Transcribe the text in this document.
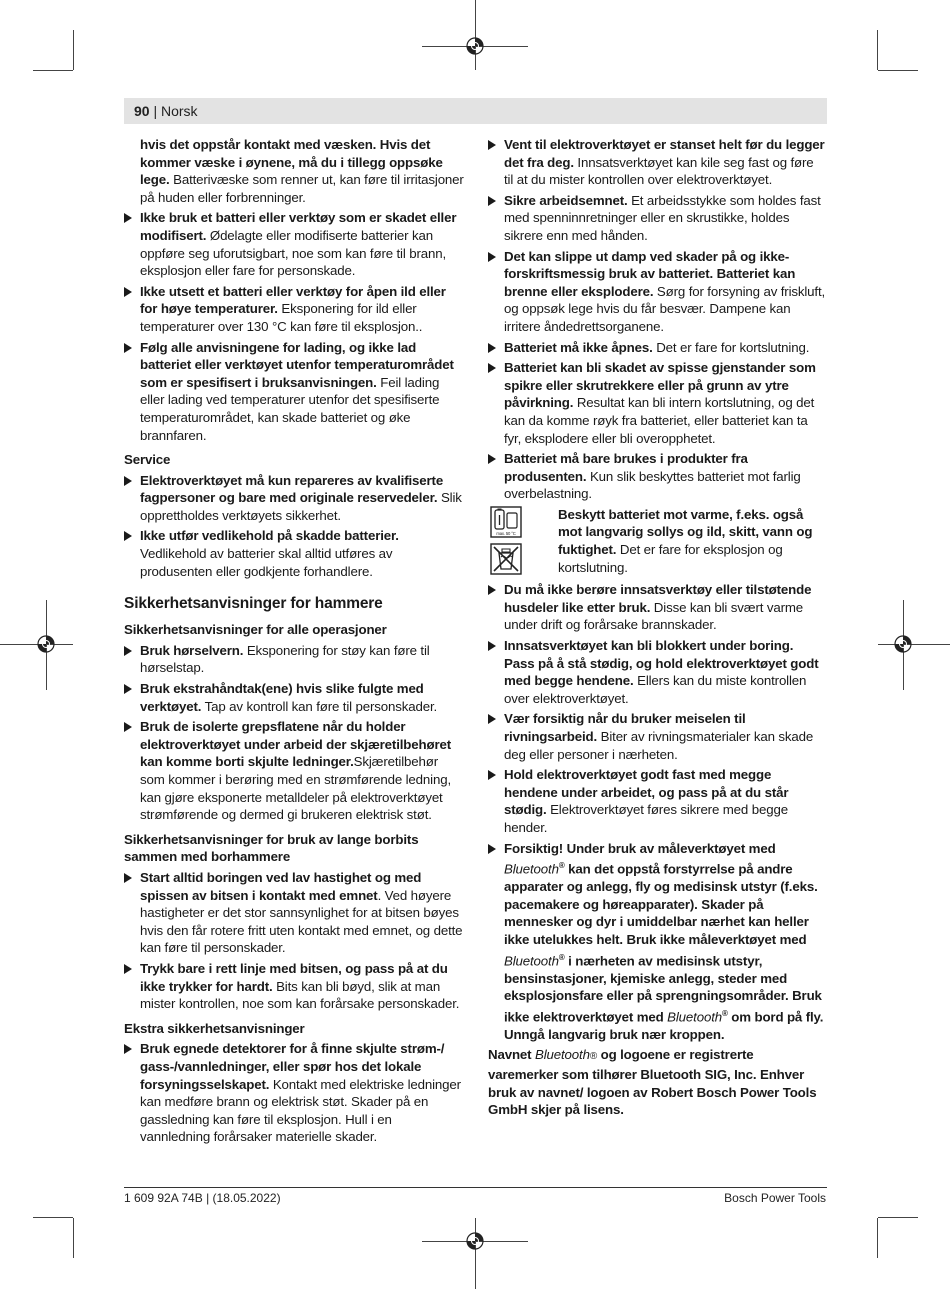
90 | Norsk
hvis det oppstår kontakt med væsken. Hvis det kommer væske i øynene, må du i tillegg oppsøke lege. Batterivæske som renner ut, kan føre til irritasjoner på huden eller forbrenninger.
Ikke bruk et batteri eller verktøy som er skadet eller modifisert. Ødelagte eller modifiserte batterier kan oppføre seg uforutsigbart, noe som kan føre til brann, eksplosjon eller fare for personskade.
Ikke utsett et batteri eller verktøy for åpen ild eller for høye temperaturer. Eksponering for ild eller temperaturer over 130 °C kan føre til eksplosjon..
Følg alle anvisningene for lading, og ikke lad batteriet eller verktøyet utenfor temperaturområdet som er spesifisert i bruksanvisningen. Feil lading eller lading ved temperaturer utenfor det spesifiserte temperaturområdet, kan skade batteriet og øke brannfaren.
Service
Elektroverktøyet må kun repareres av kvalifiserte fagpersoner og bare med originale reservedeler. Slik opprettholdes verktøyets sikkerhet.
Ikke utfør vedlikehold på skadde batterier. Vedlikehold av batterier skal alltid utføres av produsenten eller godkjente forhandlere.
Sikkerhetsanvisninger for hammere
Sikkerhetsanvisninger for alle operasjoner
Bruk hørselvern. Eksponering for støy kan føre til hørselstap.
Bruk ekstrahåndtak(ene) hvis slike fulgte med verktøyet. Tap av kontroll kan føre til personskader.
Bruk de isolerte grepsflatene når du holder elektroverktøyet under arbeid der skjæretilbehøret kan komme borti skjulte ledninger.Skjæretilbehør som kommer i berøring med en strømførende ledning, kan gjøre eksponerte metalldeler på elektroverktøyet strømførende og dermed gi brukeren elektrisk støt.
Sikkerhetsanvisninger for bruk av lange borbits sammen med borhammere
Start alltid boringen ved lav hastighet og med spissen av bitsen i kontakt med emnet. Ved høyere hastigheter er det stor sannsynlighet for at bitsen bøyes hvis den får rotere fritt uten kontakt med emnet, og dette kan føre til personskader.
Trykk bare i rett linje med bitsen, og pass på at du ikke trykker for hardt. Bits kan bli bøyd, slik at man mister kontrollen, noe som kan forårsake personskader.
Ekstra sikkerhetsanvisninger
Bruk egnede detektorer for å finne skjulte strøm-/ gass-/vannledninger, eller spør hos det lokale forsyningsselskapet. Kontakt med elektriske ledninger kan medføre brann og elektrisk støt. Skader på en gassledning kan føre til eksplosjon. Hull i en vannledning forårsaker materielle skader.
Vent til elektroverktøyet er stanset helt før du legger det fra deg. Innsatsverktøyet kan kile seg fast og føre til at du mister kontrollen over elektroverktøyet.
Sikre arbeidsemnet. Et arbeidsstykke som holdes fast med spenninnretninger eller en skrustikke, holdes sikrere enn med hånden.
Det kan slippe ut damp ved skader på og ikke-forskriftsmessig bruk av batteriet. Batteriet kan brenne eller eksplodere. Sørg for forsyning av friskluft, og oppsøk lege hvis du får besvær. Dampene kan irritere åndedrettsorganene.
Batteriet må ikke åpnes. Det er fare for kortslutning.
Batteriet kan bli skadet av spisse gjenstander som spikre eller skrutrekkere eller på grunn av ytre påvirkning. Resultat kan bli intern kortslutning, og det kan da komme røyk fra batteriet, eller batteriet kan ta fyr, eksplodere eller bli overopphetet.
Batteriet må bare brukes i produkter fra produsenten. Kun slik beskyttes batteriet mot farlig overbelastning.
max. 50 °C
Beskytt batteriet mot varme, f.eks. også mot langvarig sollys og ild, skitt, vann og fuktighet. Det er fare for eksplosjon og kortslutning.
Du må ikke berøre innsatsverktøy eller tilstøtende husdeler like etter bruk. Disse kan bli svært varme under drift og forårsake brannskader.
Innsatsverktøyet kan bli blokkert under boring. Pass på å stå stødig, og hold elektroverktøyet godt med begge hendene. Ellers kan du miste kontrollen over elektroverktøyet.
Vær forsiktig når du bruker meiselen til rivningsarbeid. Biter av rivningsmaterialer kan skade deg eller personer i nærheten.
Hold elektroverktøyet godt fast med megge hendene under arbeidet, og pass på at du står stødig. Elektroverktøyet føres sikrere med begge hender.
Forsiktig! Under bruk av måleverktøyet med Bluetooth® kan det oppstå forstyrrelse på andre apparater og anlegg, fly og medisinsk utstyr (f.eks. pacemakere og høreapparater). Skader på mennesker og dyr i umiddelbar nærhet kan heller ikke utelukkes helt. Bruk ikke måleverktøyet med Bluetooth® i nærheten av medisinsk utstyr, bensinstasjoner, kjemiske anlegg, steder med eksplosjonsfare eller på sprengningsområder. Bruk ikke elektroverktøyet med Bluetooth® om bord på fly. Unngå langvarig bruk nær kroppen.
Navnet Bluetooth® og logoene er registrerte varemerker som tilhører Bluetooth SIG, Inc. Enhver bruk av navnet/ logoen av Robert Bosch Power Tools GmbH skjer på lisens.
1 609 92A 74B | (18.05.2022)	Bosch Power Tools
